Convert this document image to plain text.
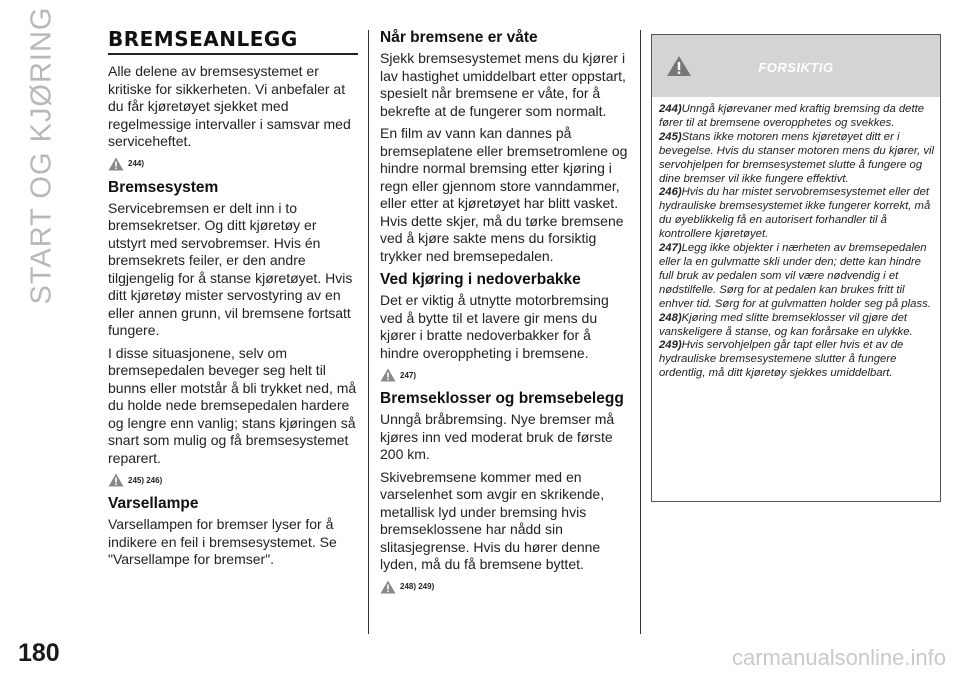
START OG KJØRING	BREMSEANLEGG

Alle delene av bremsesystemet er kritiske for sikkerheten. Vi anbefaler at du får kjøretøyet sjekket med regelmessige intervaller i samsvar med serviceheftet.

244)
Bremsesystem

Servicebremsen er delt inn i to bremsekretser. Og ditt kjøretøy er utstyrt med servobremser. Hvis én bremsekrets feiler, er den andre tilgjengelig for å stanse kjøretøyet. Hvis ditt kjøretøy mister servostyring av en eller annen grunn, vil bremsene fortsatt fungere.

I disse situasjonene, selv om bremsepedalen beveger seg helt til bunns eller motstår å bli trykket ned, må du holde nede bremsepedalen hardere og lengre enn vanlig; stans kjøringen så snart som mulig og få bremsesystemet reparert.

245) 246)
Varsellampe

Varsellampen for bremser lyser for å indikere en feil i bremsesystemet. Se "Varsellampe for bremser".

Når bremsene er våte

Sjekk bremsesystemet mens du kjører i lav hastighet umiddelbart etter oppstart, spesielt når bremsene er våte, for å bekrefte at de fungerer som normalt.

En film av vann kan dannes på bremseplatene eller bremsetromlene og hindre normal bremsing etter kjøring i regn eller gjennom store vanndammer, eller etter at kjøretøyet har blitt vasket. Hvis dette skjer, må du tørke bremsene ved å kjøre sakte mens du forsiktig trykker ned bremsepedalen.

Ved kjøring i nedoverbakke

Det er viktig å utnytte motorbremsing ved å bytte til et lavere gir mens du kjører i bratte nedoverbakker for å hindre overoppheting i bremsene.

247)
Bremseklosser og bremsebelegg

Unngå bråbremsing. Nye bremser må kjøres inn ved moderat bruk de første 200 km.

Skivebremsene kommer med en varselenhet som avgir en skrikende, metallisk lyd under bremsing hvis bremseklossene har nådd sin slitasjegrense. Hvis du hører denne lyden, må du få bremsene byttet.

248) 249)
FORSIKTIG

244)Unngå kjørevaner med kraftig bremsing da dette fører til at bremsene overopphetes og svekkes.

245)Stans ikke motoren mens kjøretøyet ditt er i bevegelse. Hvis du stanser motoren mens du kjører, vil servohjelpen for bremsesystemet slutte å fungere og dine bremser vil ikke fungere effektivt.

246)Hvis du har mistet servobremsesystemet eller det hydrauliske bremsesystemet ikke fungerer korrekt, må du øyeblikkelig få en autorisert forhandler til å kontrollere kjøretøyet.

247)Legg ikke objekter i nærheten av bremsepedalen eller la en gulvmatte skli under den; dette kan hindre full bruk av pedalen som vil være nødvendig i et nødstilfelle. Sørg for at pedalen kan brukes fritt til enhver tid. Sørg for at gulvmatten holder seg på plass.

248)Kjøring med slitte bremseklosser vil gjøre det vanskeligere å stanse, og kan forårsake en ulykke.

249)Hvis servohjelpen går tapt eller hvis et av de hydrauliske bremsesystemene slutter å fungere ordentlig, må ditt kjøretøy sjekkes umiddelbart.

180	carmanualsonline.info
